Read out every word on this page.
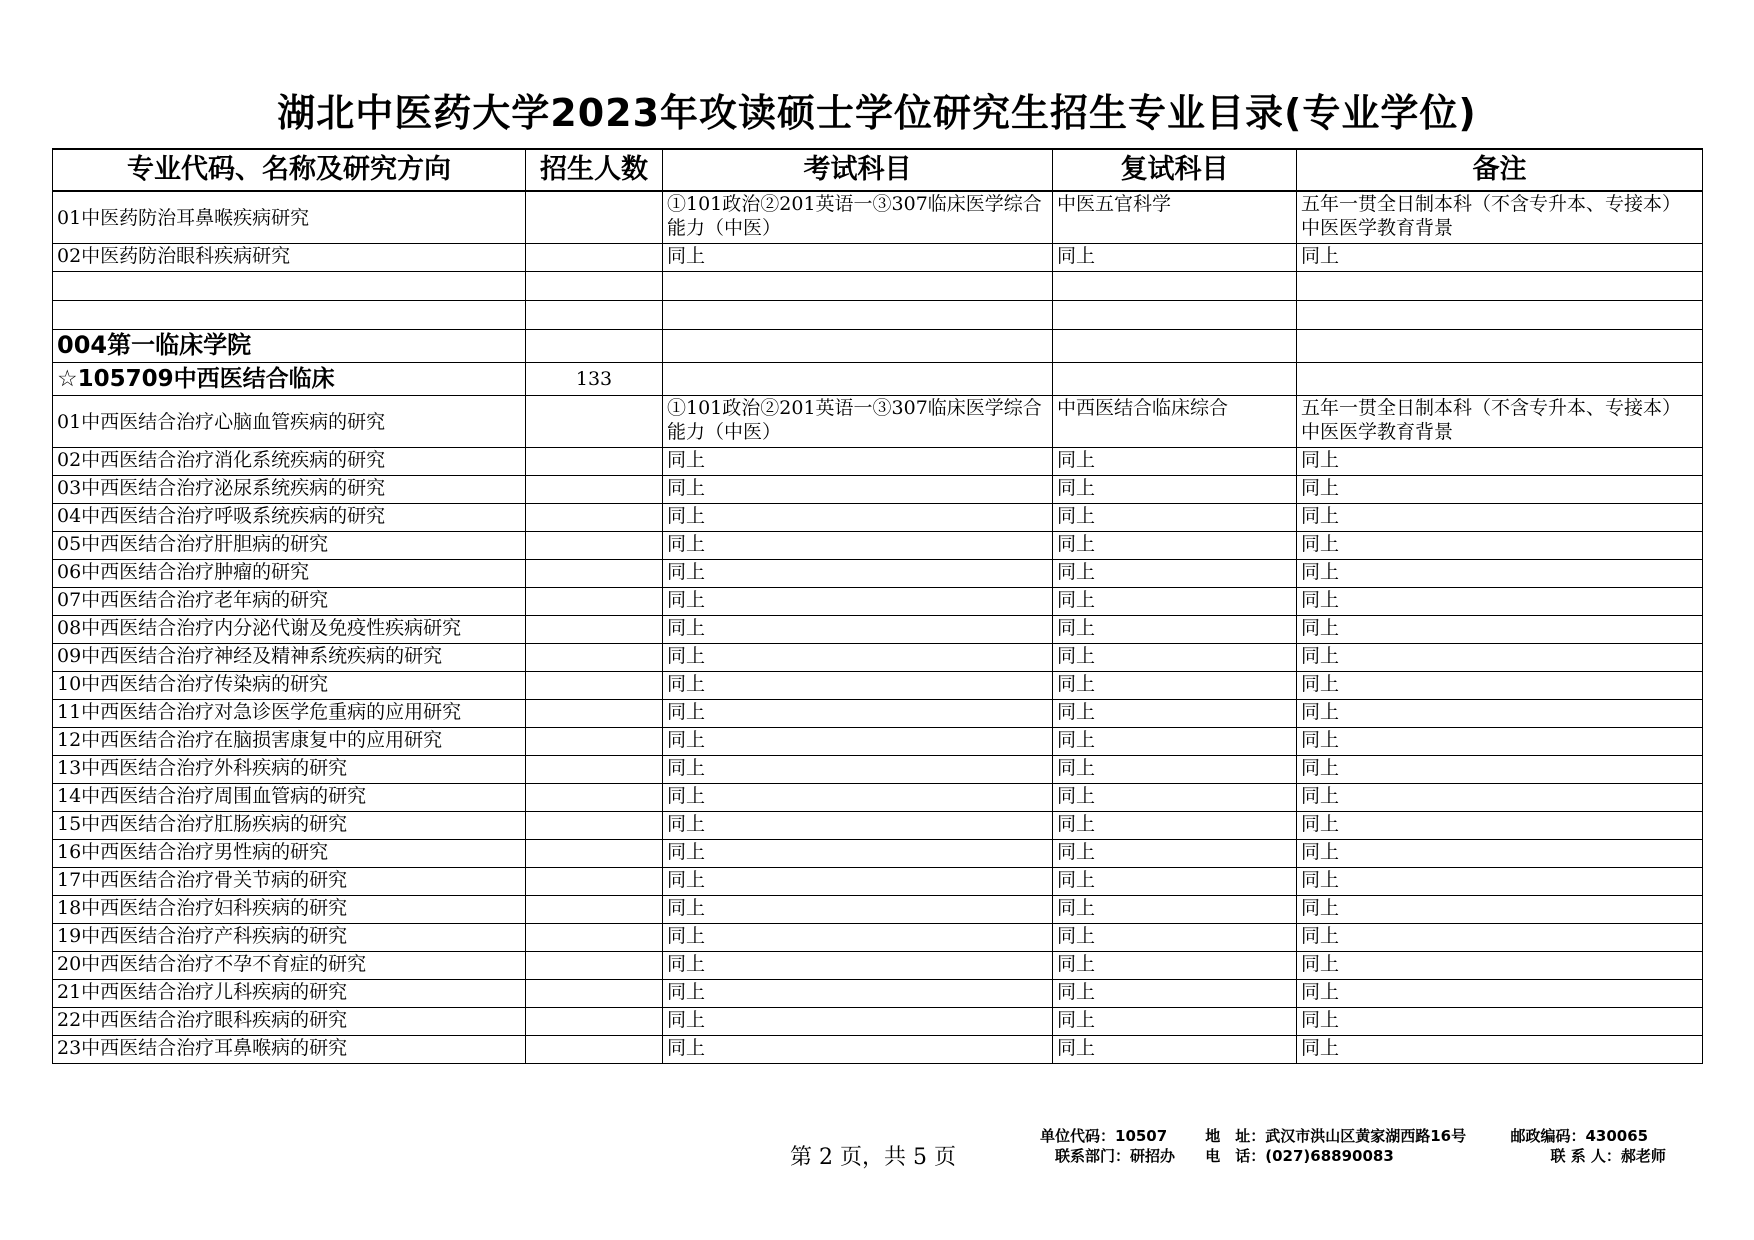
湖北中医药大学2023年攻读硕士学位研究生招生专业目录(专业学位)
专业代码、名称及研究方向	招生人数	考试科目	复试科目	备注
01中医药防治耳鼻喉疾病研究		①101政治②201英语一③307临床医学综合能力（中医）	中医五官科学	五年一贯全日制本科（不含专升本、专接本）中医医学教育背景
02中医药防治眼科疾病研究		同上	同上	同上

004第一临床学院				
☆105709中西医结合临床	133			
01中西医结合治疗心脑血管疾病的研究		①101政治②201英语一③307临床医学综合能力（中医）	中西医结合临床综合	五年一贯全日制本科（不含专升本、专接本）中医医学教育背景
02中西医结合治疗消化系统疾病的研究		同上	同上	同上
03中西医结合治疗泌尿系统疾病的研究		同上	同上	同上
04中西医结合治疗呼吸系统疾病的研究		同上	同上	同上
05中西医结合治疗肝胆病的研究		同上	同上	同上
06中西医结合治疗肿瘤的研究		同上	同上	同上
07中西医结合治疗老年病的研究		同上	同上	同上
08中西医结合治疗内分泌代谢及免疫性疾病研究		同上	同上	同上
09中西医结合治疗神经及精神系统疾病的研究		同上	同上	同上
10中西医结合治疗传染病的研究		同上	同上	同上
11中西医结合治疗对急诊医学危重病的应用研究		同上	同上	同上
12中西医结合治疗在脑损害康复中的应用研究		同上	同上	同上
13中西医结合治疗外科疾病的研究		同上	同上	同上
14中西医结合治疗周围血管病的研究		同上	同上	同上
15中西医结合治疗肛肠疾病的研究		同上	同上	同上
16中西医结合治疗男性病的研究		同上	同上	同上
17中西医结合治疗骨关节病的研究		同上	同上	同上
18中西医结合治疗妇科疾病的研究		同上	同上	同上
19中西医结合治疗产科疾病的研究		同上	同上	同上
20中西医结合治疗不孕不育症的研究		同上	同上	同上
21中西医结合治疗儿科疾病的研究		同上	同上	同上
22中西医结合治疗眼科疾病的研究		同上	同上	同上
23中西医结合治疗耳鼻喉病的研究		同上	同上	同上
第 2 页，共 5 页
单位代码：10507	地　址：武汉市洪山区黄家湖西路16号	邮政编码：430065
联系部门：研招办 电　话：(027)68890083	联 系 人：郝老师
